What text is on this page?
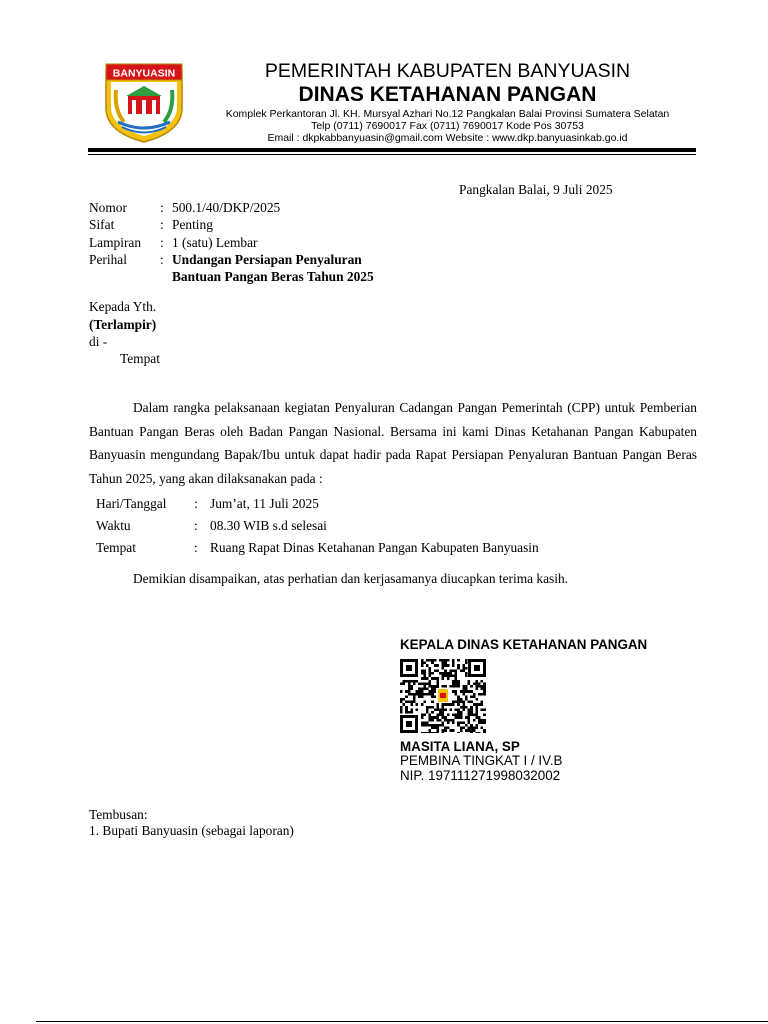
BANYUASIN	PEMERINTAH KABUPATEN BANYUASIN
DINAS KETAHANAN PANGAN
Komplek Perkantoran Jl. KH. Mursyal Azhari No.12 Pangkalan Balai Provinsi Sumatera Selatan
Telp (0711) 7690017 Fax (0711) 7690017 Kode Pos 30753
Email : dkpkabbanyuasin@gmail.com Website : www.dkp.banyuasinkab.go.id
Pangkalan Balai, 9 Juli 2025
Nomor : 500.1/40/DKP/2025
Sifat	: Penting
Lampiran : 1 (satu) Lembar
Perihal : Undangan Persiapan Penyaluran
Bantuan Pangan Beras Tahun 2025
Kepada Yth.
(Terlampir)
di -
Tempat
Dalam rangka pelaksanaan kegiatan Penyaluran Cadangan Pangan Pemerintah (CPP) untuk Pemberian Bantuan Pangan Beras oleh Badan Pangan Nasional. Bersama ini kami Dinas Ketahanan Pangan Kabupaten Banyuasin mengundang Bapak/Ibu untuk dapat hadir pada Rapat Persiapan Penyaluran Bantuan Pangan Beras Tahun 2025, yang akan dilaksanakan pada :
Hari/Tanggal : Jum’at, 11 Juli 2025
Waktu	: 08.30 WIB s.d selesai
Tempat	: Ruang Rapat Dinas Ketahanan Pangan Kabupaten Banyuasin
Demikian disampaikan, atas perhatian dan kerjasamanya diucapkan terima kasih.
KEPALA DINAS KETAHANAN PANGAN
MASITA LIANA, SP
PEMBINA TINGKAT I / IV.B
NIP. 197111271998032002
Tembusan:
1. Bupati Banyuasin (sebagai laporan)
